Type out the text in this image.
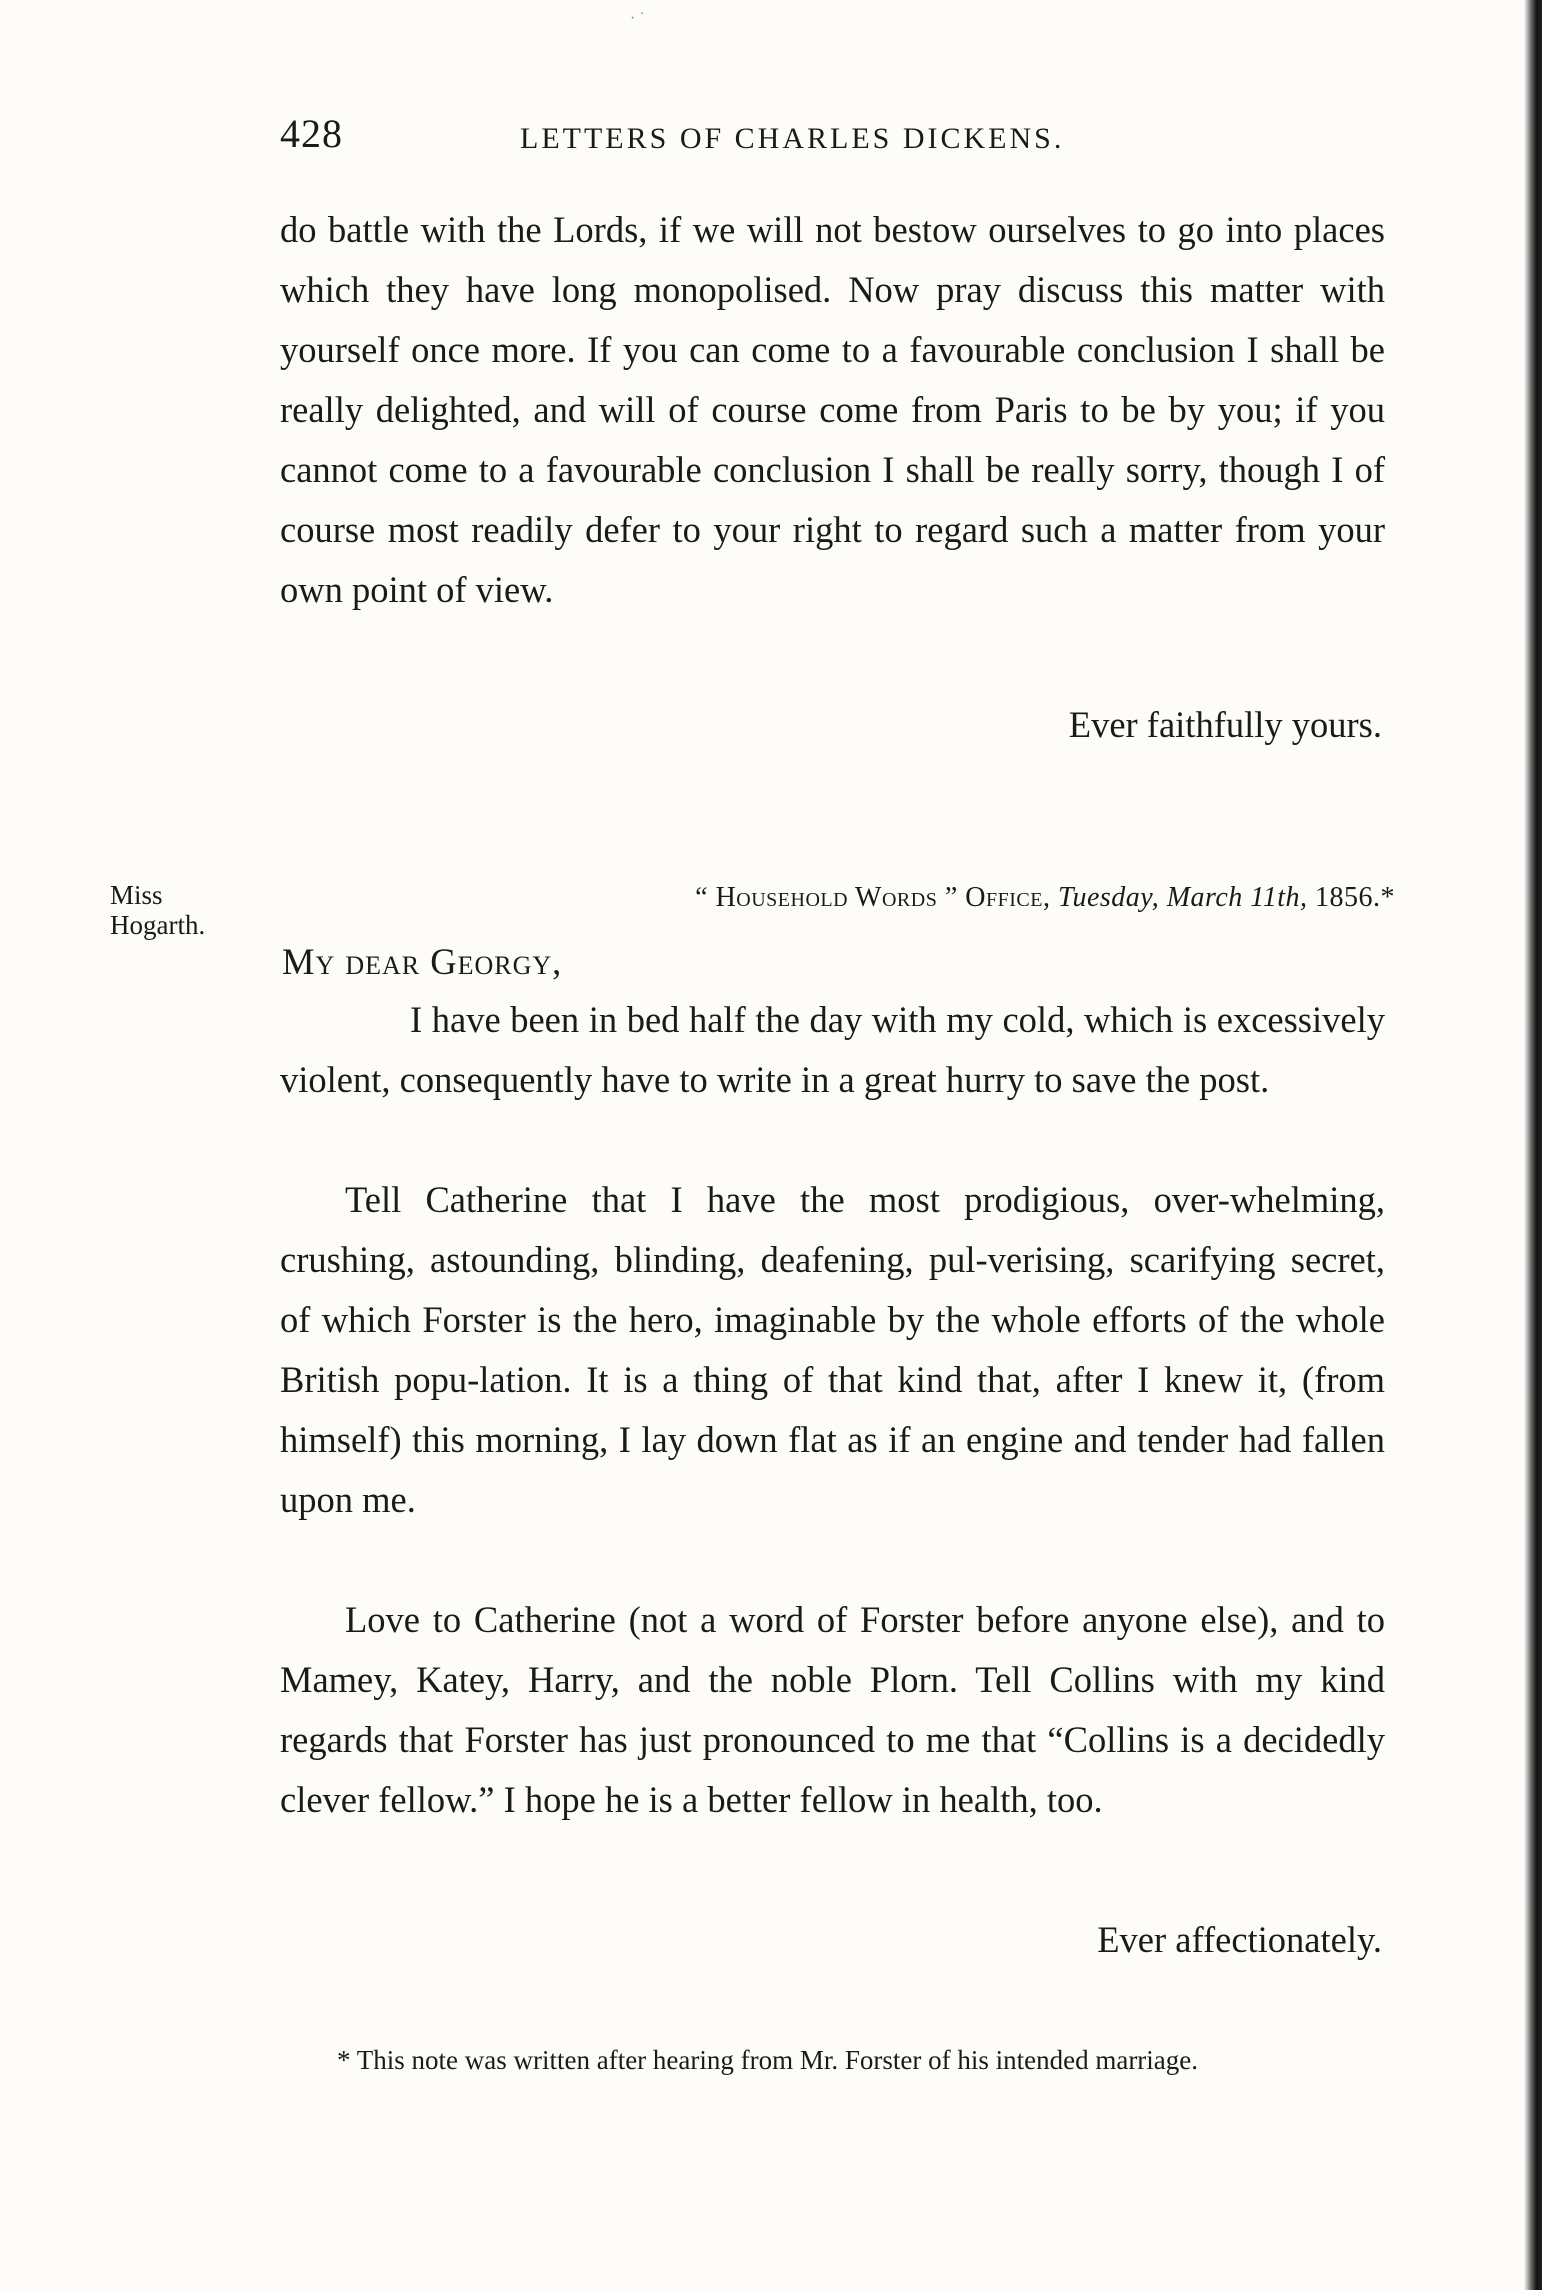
· ˙
428	LETTERS OF CHARLES DICKENS.

do battle with the Lords, if we will not bestow ourselves to go into places which they have long monopolised. Now pray discuss this matter with yourself once more. If you can come to a favourable conclusion I shall be really delighted, and will of course come from Paris to be by you; if you cannot come to a favourable conclusion I shall be really sorry, though I of course most readily defer to your right to regard such a matter from your own point of view.

Ever faithfully yours.
Miss
Hogarth.
“ Household Words ” Office, Tuesday, March 11th, 1856.*
My dear Georgy,

I have been in bed half the day with my cold, which is excessively violent, consequently have to write in a great hurry to save the post.

Tell Catherine that I have the most prodigious, over-whelming, crushing, astounding, blinding, deafening, pul-verising, scarifying secret, of which Forster is the hero, imaginable by the whole efforts of the whole British popu-lation. It is a thing of that kind that, after I knew it, (from himself) this morning, I lay down flat as if an engine and tender had fallen upon me.

Love to Catherine (not a word of Forster before anyone else), and to Mamey, Katey, Harry, and the noble Plorn. Tell Collins with my kind regards that Forster has just pronounced to me that “Collins is a decidedly clever fellow.” I hope he is a better fellow in health, too.

Ever affectionately.

* This note was written after hearing from Mr. Forster of his intended marriage.
